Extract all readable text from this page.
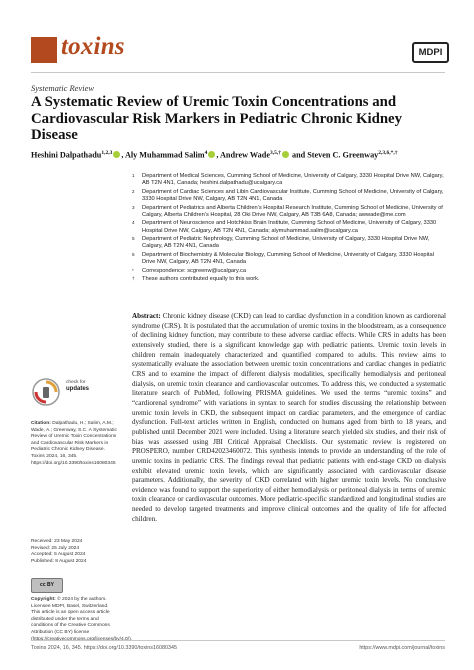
toxins	MDPI
Systematic Review
A Systematic Review of Uremic Toxin Concentrations and Cardiovascular Risk Markers in Pediatric Chronic Kidney Disease
Heshini Dalpathadu$^{1,2,3}$ , Aly Muhammad Salim$^4$ , Andrew Wade$^{3,5,\dagger}$ and Steven C. Greenway$^{2,3,6,*,\dagger}$
1 Department of Medical Sciences, Cumming School of Medicine, University of Calgary, 3330 Hospital Drive NW, Calgary, AB T2N 4N1, Canada; heshini.dalpathadu@ucalgary.ca
2 Department of Cardiac Sciences and Libin Cardiovascular Institute, Cumming School of Medicine, University of Calgary, 3330 Hospital Drive NW, Calgary, AB T2N 4N1, Canada
3 Department of Pediatrics and Alberta Children’s Hospital Research Institute, Cumming School of Medicine, University of Calgary, Alberta Children’s Hospital, 28 Oki Drive NW, Calgary, AB T3B 6A8, Canada; awwade@me.com
4 Department of Neuroscience and Hotchkiss Brain Institute, Cumming School of Medicine, University of Calgary, 3330 Hospital Drive NW, Calgary, AB T2N 4N1, Canada; alymuhammad.salim@ucalgary.ca
5 Department of Pediatric Nephrology, Cumming School of Medicine, University of Calgary, 3330 Hospital Drive NW, Calgary, AB T2N 4N1, Canada
6 Department of Biochemistry & Molecular Biology, Cumming School of Medicine, University of Calgary, 3330 Hospital Drive NW, Calgary, AB T2N 4N1, Canada
* Correspondence: scgreenw@ucalgary.ca
† These authors contributed equally to this work.

Abstract: Chronic kidney disease (CKD) can lead to cardiac dysfunction in a condition known as cardiorenal syndrome (CRS). It is postulated that the accumulation of uremic toxins in the bloodstream, as a consequence of declining kidney function, may contribute to these adverse cardiac effects. While CRS in adults has been extensively studied, there is a significant knowledge gap with pediatric patients. Uremic toxin levels in children remain inadequately characterized and quantified compared to adults. This review aims to systematically evaluate the association between uremic toxin concentrations and cardiac changes in pediatric CRS and to examine the impact of different dialysis modalities, specifically hemodialysis and peritoneal dialysis, on uremic toxin clearance and cardiovascular outcomes. To address this, we conducted a systematic literature search of PubMed, following PRISMA guidelines. We used the terms “uremic toxins” and “cardiorenal syndrome” with variations in syntax to search for studies discussing the relationship between uremic toxin levels in CKD, the subsequent impact on cardiac parameters, and the emergence of cardiac dysfunction. Full-text articles written in English, conducted on humans aged from birth to 18 years, and published until December 2021 were included. Using a literature search yielded six studies, and their risk of bias was assessed using JBI Critical Appraisal Checklists. Our systematic review is registered on PROSPERO, number CRD42023460072. This synthesis intends to provide an understanding of the role of uremic toxins in pediatric CRS. The findings reveal that pediatric patients with end-stage CKD on dialysis exhibit elevated uremic toxin levels, which are significantly associated with cardiovascular disease parameters. Additionally, the severity of CKD correlated with higher uremic toxin levels. No conclusive evidence was found to support the superiority of either hemodialysis or peritoneal dialysis in terms of uremic toxin clearance or cardiovascular outcomes. More pediatric-specific standardized and longitudinal studies are needed to develop targeted treatments and improve clinical outcomes and the quality of life for affected children.

check for
updates
Citation: Dalpathadu, H.; Salim, A.M.; Wade, A.; Greenway, S.C. A Systematic Review of Uremic Toxin Concentrations and Cardiovascular Risk Markers in Pediatric Chronic Kidney Disease. Toxins 2024, 16, 345. https://doi.org/10.3390/toxins16080345
Received: 23 May 2024
Revised: 25 July 2024
Accepted: 5 August 2024
Published: 8 August 2024
cc BY
Copyright: © 2024 by the authors. Licensee MDPI, Basel, Switzerland. This article is an open access article distributed under the terms and conditions of the Creative Commons Attribution (CC BY) license (https://creativecommons.org/licenses/by/4.0/).
Toxins 2024, 16, 345. https://doi.org/10.3390/toxins16080345	https://www.mdpi.com/journal/toxins
